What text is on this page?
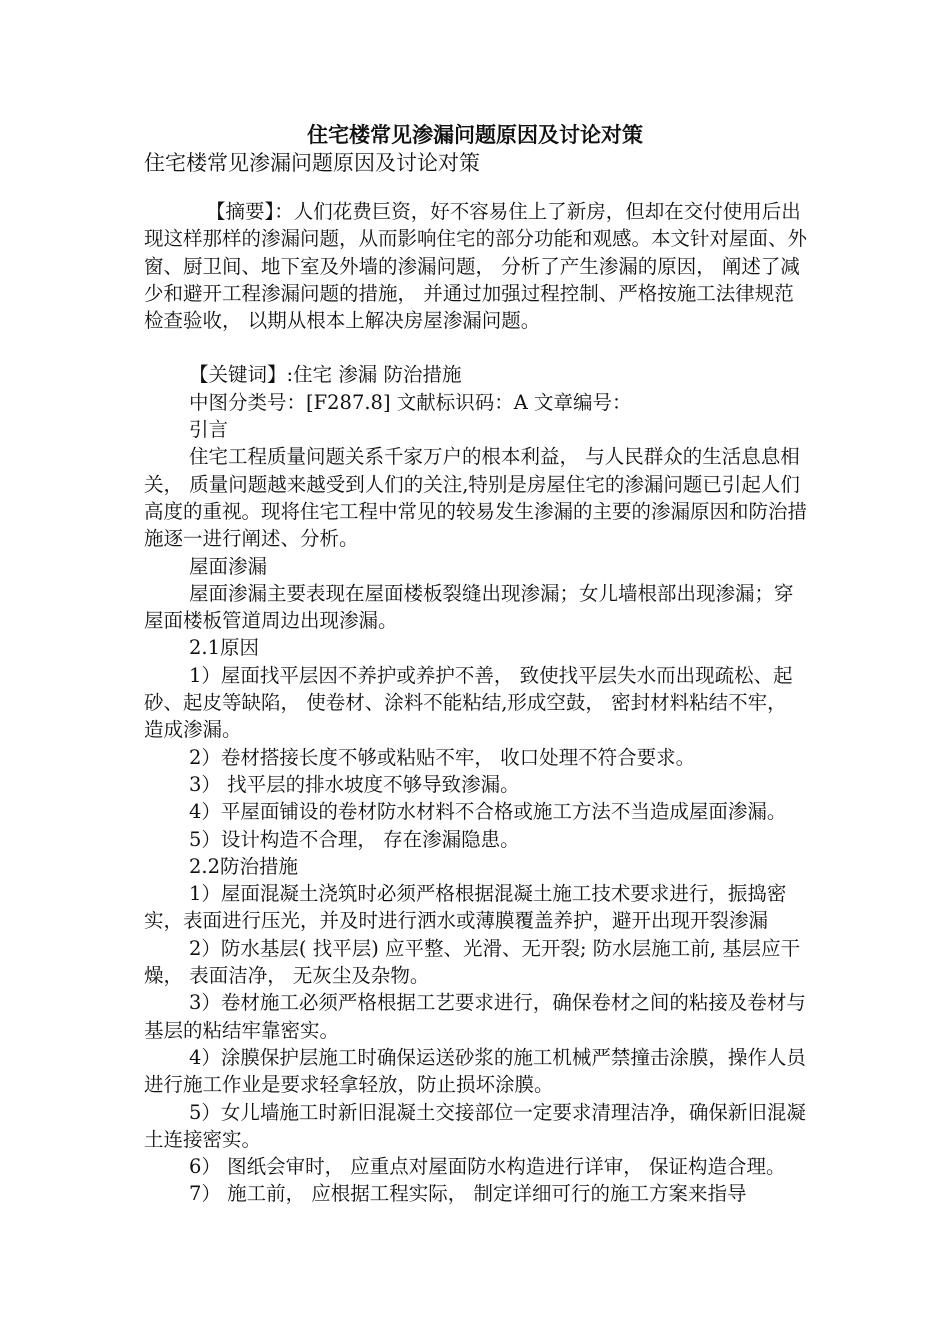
住宅楼常见渗漏问题原因及讨论对策
住宅楼常见渗漏问题原因及讨论对策

【摘要】：人们花费巨资，好不容易住上了新房，但却在交付使用后出现这样那样的渗漏问题，从而影响住宅的部分功能和观感。本文针对屋面、外窗、厨卫间、地下室及外墙的渗漏问题， 分析了产生渗漏的原因， 阐述了减少和避开工程渗漏问题的措施， 并通过加强过程控制、严格按施工法律规范检查验收， 以期从根本上解决房屋渗漏问题。

【关键词】:住宅 渗漏 防治措施

中图分类号：[F287.8] 文献标识码：A 文章编号：

引言

住宅工程质量问题关系千家万户的根本利益， 与人民群众的生活息息相关， 质量问题越来越受到人们的关注,特别是房屋住宅的渗漏问题已引起人们高度的重视。现将住宅工程中常见的较易发生渗漏的主要的渗漏原因和防治措施逐一进行阐述、分析。

屋面渗漏

屋面渗漏主要表现在屋面楼板裂缝出现渗漏；女儿墙根部出现渗漏；穿屋面楼板管道周边出现渗漏。

2.1原因

1）屋面找平层因不养护或养护不善， 致使找平层失水而出现疏松、起砂、起皮等缺陷， 使卷材、涂料不能粘结,形成空鼓， 密封材料粘结不牢， 造成渗漏。

2）卷材搭接长度不够或粘贴不牢， 收口处理不符合要求。

3） 找平层的排水坡度不够导致渗漏。

4）平屋面铺设的卷材防水材料不合格或施工方法不当造成屋面渗漏。

5）设计构造不合理， 存在渗漏隐患。

2.2防治措施

1）屋面混凝土浇筑时必须严格根据混凝土施工技术要求进行，振捣密实，表面进行压光，并及时进行洒水或薄膜覆盖养护，避开出现开裂渗漏

2）防水基层( 找平层) 应平整、光滑、无开裂; 防水层施工前, 基层应干燥， 表面洁净， 无灰尘及杂物。

3）卷材施工必须严格根据工艺要求进行，确保卷材之间的粘接及卷材与基层的粘结牢靠密实。

4）涂膜保护层施工时确保运送砂浆的施工机械严禁撞击涂膜，操作人员进行施工作业是要求轻拿轻放，防止损坏涂膜。

5）女儿墙施工时新旧混凝土交接部位一定要求清理洁净，确保新旧混凝土连接密实。

6） 图纸会审时， 应重点对屋面防水构造进行详审， 保证构造合理。

7） 施工前， 应根据工程实际， 制定详细可行的施工方案来指导
